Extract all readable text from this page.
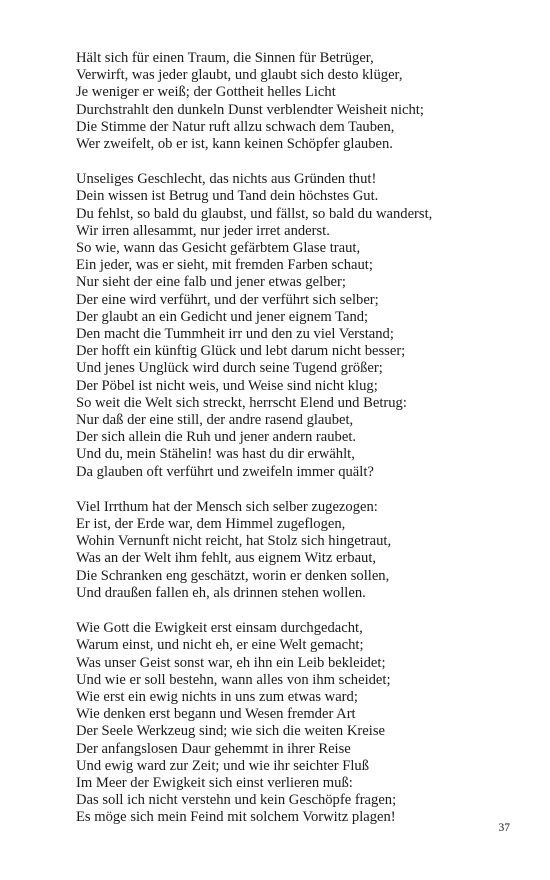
Hält sich für einen Traum, die Sinnen für Betrüger,
Verwirft, was jeder glaubt, und glaubt sich desto klüger,
Je weniger er weiß; der Gottheit helles Licht
Durchstrahlt den dunkeln Dunst verblendter Weisheit nicht;
Die Stimme der Natur ruft allzu schwach dem Tauben,
Wer zweifelt, ob er ist, kann keinen Schöpfer glauben.
Unseliges Geschlecht, das nichts aus Gründen thut!
Dein wissen ist Betrug und Tand dein höchstes Gut.
Du fehlst, so bald du glaubst, und fällst, so bald du wanderst,
Wir irren allesammt, nur jeder irret anderst.
So wie, wann das Gesicht gefärbtem Glase traut,
Ein jeder, was er sieht, mit fremden Farben schaut;
Nur sieht der eine falb und jener etwas gelber;
Der eine wird verführt, und der verführt sich selber;
Der glaubt an ein Gedicht und jener eignem Tand;
Den macht die Tummheit irr und den zu viel Verstand;
Der hofft ein künftig Glück und lebt darum nicht besser;
Und jenes Unglück wird durch seine Tugend größer;
Der Pöbel ist nicht weis, und Weise sind nicht klug;
So weit die Welt sich streckt, herrscht Elend und Betrug:
Nur daß der eine still, der andre rasend glaubet,
Der sich allein die Ruh und jener andern raubet.
Und du, mein Stähelin! was hast du dir erwählt,
Da glauben oft verführt und zweifeln immer quält?
Viel Irrthum hat der Mensch sich selber zugezogen:
Er ist, der Erde war, dem Himmel zugeflogen,
Wohin Vernunft nicht reicht, hat Stolz sich hingetraut,
Was an der Welt ihm fehlt, aus eignem Witz erbaut,
Die Schranken eng geschätzt, worin er denken sollen,
Und draußen fallen eh, als drinnen stehen wollen.
Wie Gott die Ewigkeit erst einsam durchgedacht,
Warum einst, und nicht eh, er eine Welt gemacht;
Was unser Geist sonst war, eh ihn ein Leib bekleidet;
Und wie er soll bestehn, wann alles von ihm scheidet;
Wie erst ein ewig nichts in uns zum etwas ward;
Wie denken erst begann und Wesen fremder Art
Der Seele Werkzeug sind; wie sich die weiten Kreise
Der anfangslosen Daur gehemmt in ihrer Reise
Und ewig ward zur Zeit; und wie ihr seichter Fluß
Im Meer der Ewigkeit sich einst verlieren muß:
Das soll ich nicht verstehn und kein Geschöpfe fragen;
Es möge sich mein Feind mit solchem Vorwitz plagen!
37
